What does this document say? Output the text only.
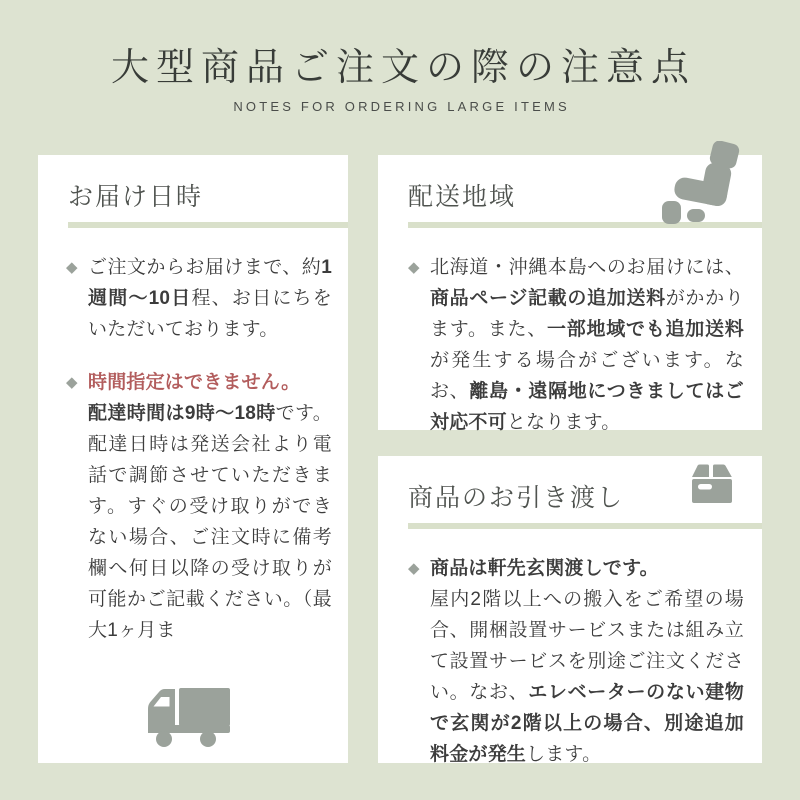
大型商品ご注文の際の注意点
NOTES FOR ORDERING LARGE ITEMS
お届け日時
◆ ご注文からお届けまで、約1週間〜10日程、お日にちをいただいております。

◆ 時間指定はできません。
配達時間は9時〜18時です。配達日時は発送会社より電話で調節させていただきます。すぐの受け取りができない場合、ご注文時に備考欄へ何日以降の受け取りが可能かご記載ください。（最大1ヶ月ま

配送地域
◆ 北海道・沖縄本島へのお届けには、商品ページ記載の追加送料がかかります。また、一部地域でも追加送料が発生する場合がございます。なお、離島・遠隔地につきましてはご対応不可となります。

商品のお引き渡し
◆ 商品は軒先玄関渡しです。
屋内2階以上への搬入をご希望の場合、開梱設置サービスまたは組み立て設置サービスを別途ご注文ください。なお、エレベーターのない建物で玄関が2階以上の場合、別途追加料金が発生します。
